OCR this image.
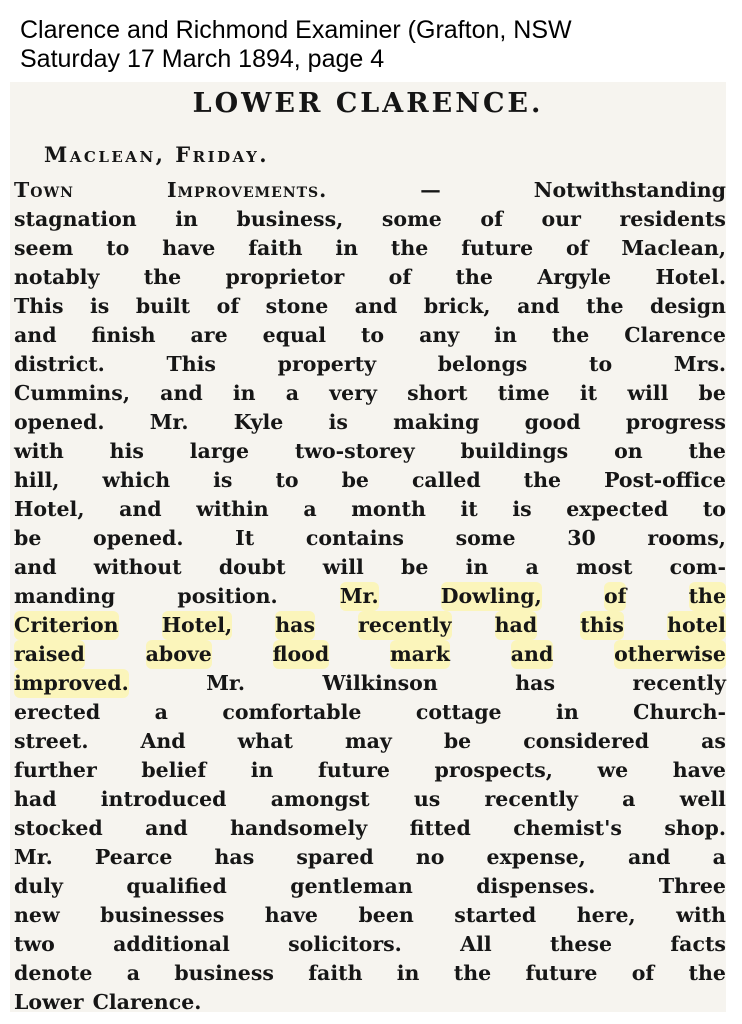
Clarence and Richmond Examiner (Grafton, NSW
Saturday 17 March 1894, page 4
LOWER CLARENCE.
Maclean, Friday.
Town	Improvements.	—	Notwithstanding
stagnation in business, some of our residents
seem to have faith in the future of Maclean,
notably the proprietor of the Argyle Hotel.
This is built of stone and brick, and the design
and finish are equal to any in the Clarence
district.	This	property	belongs	to	Mrs.
Cummins, and in a very short time it will be
opened. Mr. Kyle is making good progress
with his large two-storey buildings on the
hill, which is to be called the Post-office
Hotel, and within a month it is expected to
be	opened.	It	contains	some	30	rooms,
and without doubt will be in a most com-
manding	position.	Mr.	Dowling,	of	the
Criterion Hotel, has recently had this hotel
raised	above	flood	mark	and	otherwise
improved.	Mr.	Wilkinson	has	recently
erected	a	comfortable	cottage	in	Church-
street.	And	what	may	be	considered	as
further belief in future prospects, we have
had introduced amongst us recently a well
stocked and handsomely fitted chemist's shop.
Mr. Pearce has spared no expense, and a
duly	qualified	gentleman	dispenses.	Three
new businesses have been started here, with
two	additional	solicitors.	All	these	facts
denote a business faith in the future of the
Lower Clarence.
